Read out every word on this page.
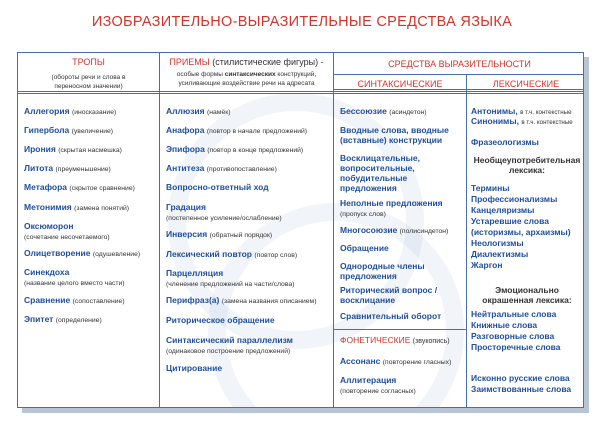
ИЗОБРАЗИТЕЛЬНО-ВЫРАЗИТЕЛЬНЫЕ СРЕДСТВА ЯЗЫКА
ТРОПЫ
(обороты речи и слова в переносном значении)
Аллегория (иносказание)
Гипербола (увеличение)
Ирония (скрытая насмешка)
Литота (преуменьшение)
Метафора (скрытое сравнение)
Метонимия (замена понятий)
Оксюморон
(сочетание несочетаемого)
Олицетворение (одушевление)
Синекдоха
(название целого вместо части)
Сравнение (сопоставление)
Эпитет (определение)
ПРИЕМЫ (стилистические фигуры) -
особые формы синтаксических конструкций,
усиливающие воздействие речи на адресата
Аллюзия (намёк)
Анафора (повтор в начале предложений)
Эпифора (повтор в конце предложений)
Антитеза (противопоставление)
Вопросно-ответный ход
Градация
(постепенное усиление/ослабление)
Инверсия (обратный порядок)
Лексический повтор (повтор слов)
Парцелляция
(членение предложений на части/слова)
Перифраз(а) (замена названия описанием)
Риторическое обращение
Синтаксический параллелизм
(одинаковое построение предложений)
Цитирование
СРЕДСТВА ВЫРАЗИТЕЛЬНОСТИ
СИНТАКСИЧЕСКИЕ	ЛЕКСИЧЕСКИЕ
Бессоюзие (асиндетон)
Вводные слова, вводные (вставные) конструкции
Восклицательные, вопросительные, побудительные предложения
Неполные предложения
(пропуск слов)
Многосоюзие (полисиндетон)
Обращение
Однородные члены предложения
Риторический вопрос /восклицание
Сравнительный оборот
ФОНЕТИЧЕСКИЕ (звукопись)
Ассонанс (повторение гласных)
Аллитерация
(повторение согласных)
Антонимы, в т.ч. контекстные
Синонимы, в т.ч. контекстные
Фразеологизмы
Необщеупотребительная лексика:
Термины
Профессионализмы
Канцеляризмы
Устаревшие слова
(историзмы, архаизмы)
Неологизмы
Диалектизмы
Жаргон
Эмоционально окрашенная лексика:
Нейтральные слова
Книжные слова
Разговорные слова
Просторечные слова
Исконно русские слова
Заимствованные слова
